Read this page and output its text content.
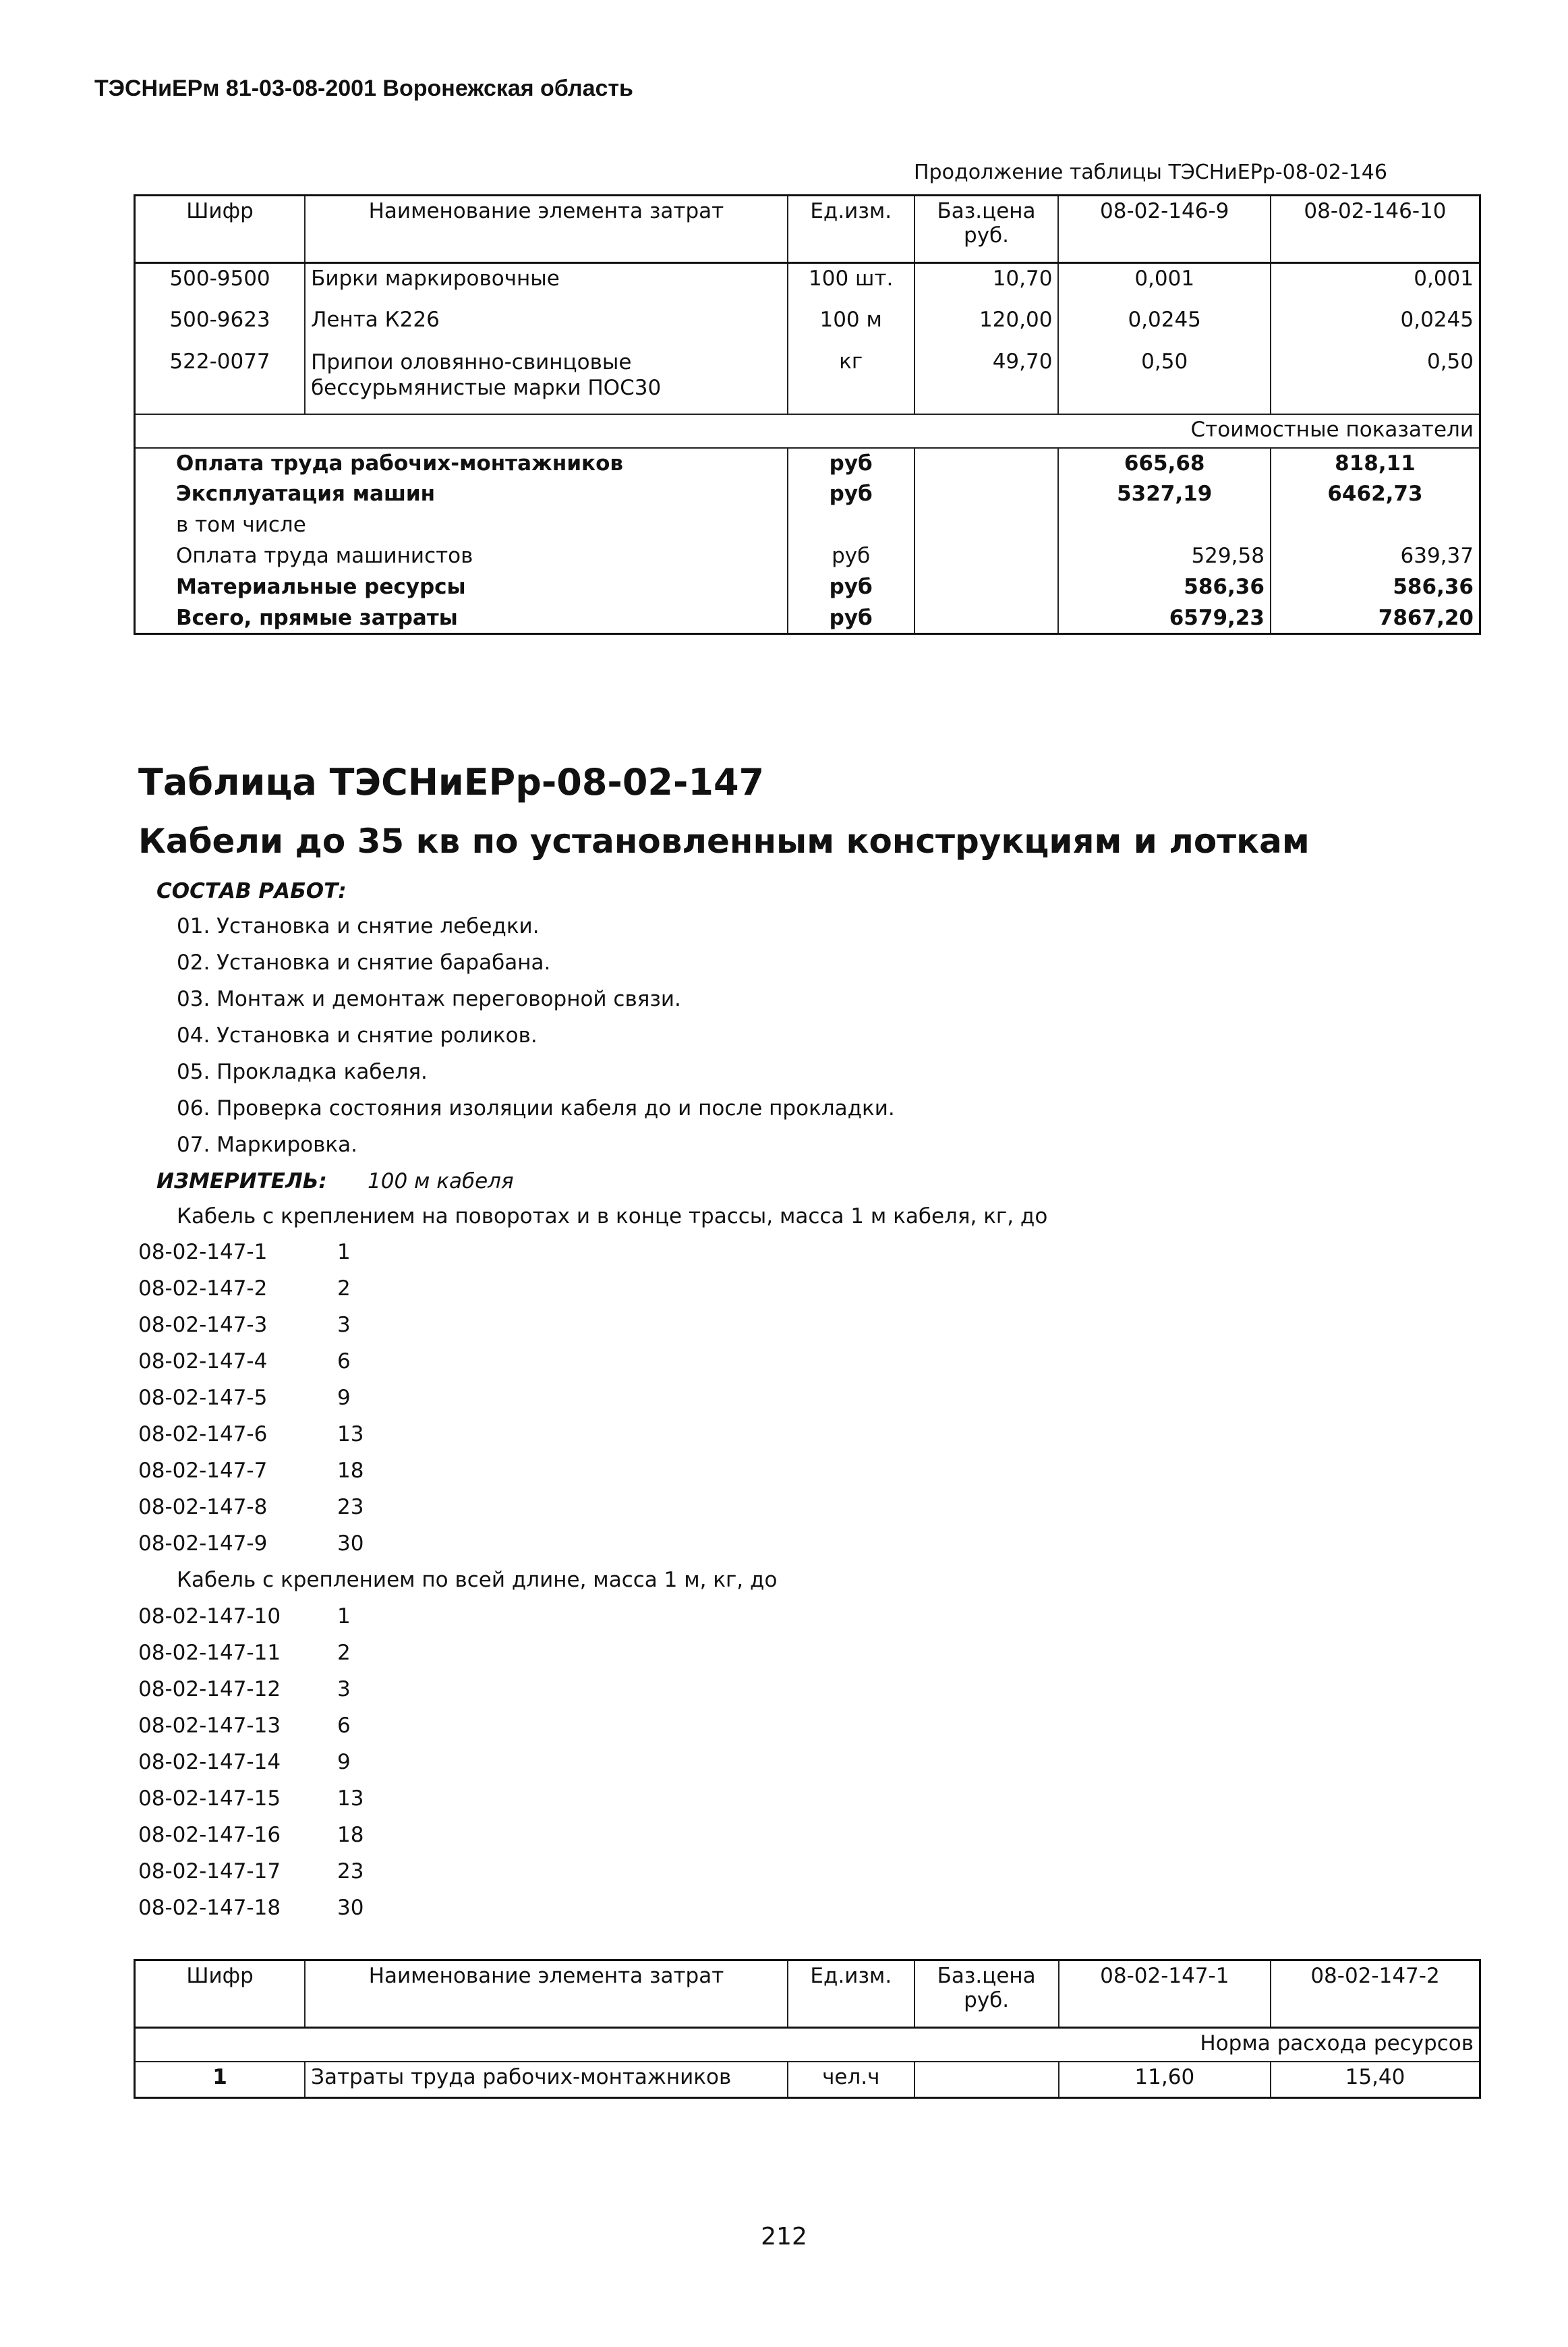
ТЭСНиЕРм 81-03-08-2001 Воронежская область
Продолжение таблицы ТЭСНиЕРр-08-02-146
Шифр	Наименование элемента затрат	Ед.изм.	Баз.цена руб.	08-02-146-9	08-02-146-10
500-9500	Бирки маркировочные	100 шт.	10,70	0,001	0,001
500-9623	Лента К226	100 м	120,00	0,0245	0,0245
522-0077	Припои оловянно-свинцовые бессурьмянистые марки ПОС30	кг	49,70	0,50	0,50
Стоимостные показатели					
Оплата труда рабочих-монтажников		руб		665,68	818,11
Эксплуатация машин		руб		5327,19	6462,73
в том числе					
Оплата труда машинистов		руб		529,58	639,37
Материальные ресурсы		руб		586,36	586,36
Всего, прямые затраты		руб		6579,23	7867,20
Таблица ТЭСНиЕРр-08-02-147
Кабели до 35 кв по установленным конструкциям и лоткам
СОСТАВ РАБОТ:
01. Установка и снятие лебедки.
02. Установка и снятие барабана.
03. Монтаж и демонтаж переговорной связи.
04. Установка и снятие роликов.
05. Прокладка кабеля.
06. Проверка состояния изоляции кабеля до и после прокладки.
07. Маркировка.
ИЗМЕРИТЕЛЬ: 100 м кабеля
Кабель с креплением на поворотах и в конце трассы, масса 1 м кабеля, кг, до
08-02-147-1	1
08-02-147-2	2
08-02-147-3	3
08-02-147-4	6
08-02-147-5	9
08-02-147-6	13
08-02-147-7	18
08-02-147-8	23
08-02-147-9	30
Кабель с креплением по всей длине, масса 1 м, кг, до
08-02-147-10	1
08-02-147-11	2
08-02-147-12	3
08-02-147-13	6
08-02-147-14	9
08-02-147-15	13
08-02-147-16	18
08-02-147-17	23
08-02-147-18	30
Шифр	Наименование элемента затрат	Ед.изм.	Баз.цена руб.	08-02-147-1	08-02-147-2
Норма расхода ресурсов					
1	Затраты труда рабочих-монтажников	чел.ч		11,60	15,40
212
